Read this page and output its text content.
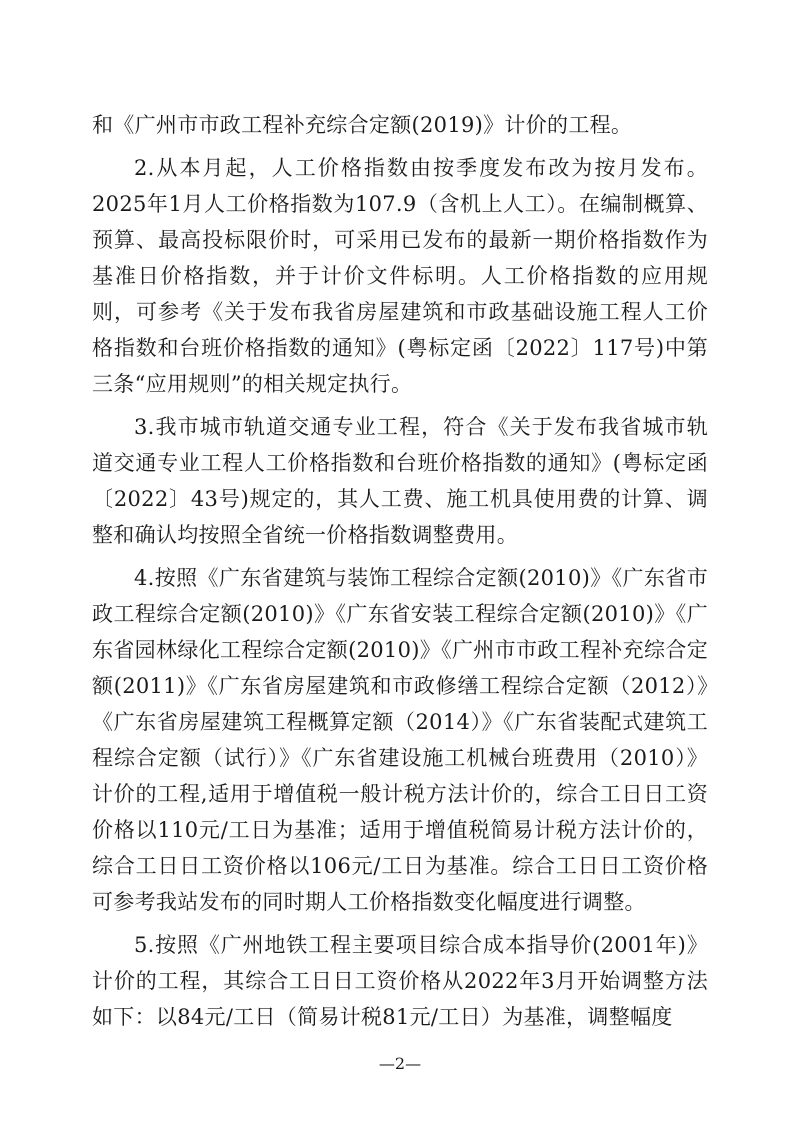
和《广州市市政工程补充综合定额(2019)》计价的工程。

2.从本月起，人工价格指数由按季度发布改为按月发布。2025年1月人工价格指数为107.9（含机上人工）。在编制概算、预算、最高投标限价时，可采用已发布的最新一期价格指数作为基准日价格指数，并于计价文件标明。人工价格指数的应用规则，可参考《关于发布我省房屋建筑和市政基础设施工程人工价格指数和台班价格指数的通知》(粤标定函〔2022〕117号)中第三条“应用规则”的相关规定执行。

3.我市城市轨道交通专业工程，符合《关于发布我省城市轨道交通专业工程人工价格指数和台班价格指数的通知》(粤标定函〔2022〕43号)规定的，其人工费、施工机具使用费的计算、调整和确认均按照全省统一价格指数调整费用。

4.按照《广东省建筑与装饰工程综合定额(2010)》《广东省市政工程综合定额(2010)》《广东省安装工程综合定额(2010)》《广东省园林绿化工程综合定额(2010)》《广州市市政工程补充综合定额(2011)》《广东省房屋建筑和市政修缮工程综合定额（2012）》《广东省房屋建筑工程概算定额（2014）》《广东省装配式建筑工程综合定额（试行）》《广东省建设施工机械台班费用（2010）》计价的工程,适用于增值税一般计税方法计价的，综合工日日工资价格以110元/工日为基准；适用于增值税简易计税方法计价的，综合工日日工资价格以106元/工日为基准。综合工日日工资价格可参考我站发布的同时期人工价格指数变化幅度进行调整。

5.按照《广州地铁工程主要项目综合成本指导价(2001年)》计价的工程，其综合工日日工资价格从2022年3月开始调整方法如下：以84元/工日（简易计税81元/工日）为基准，调整幅度

—2—
